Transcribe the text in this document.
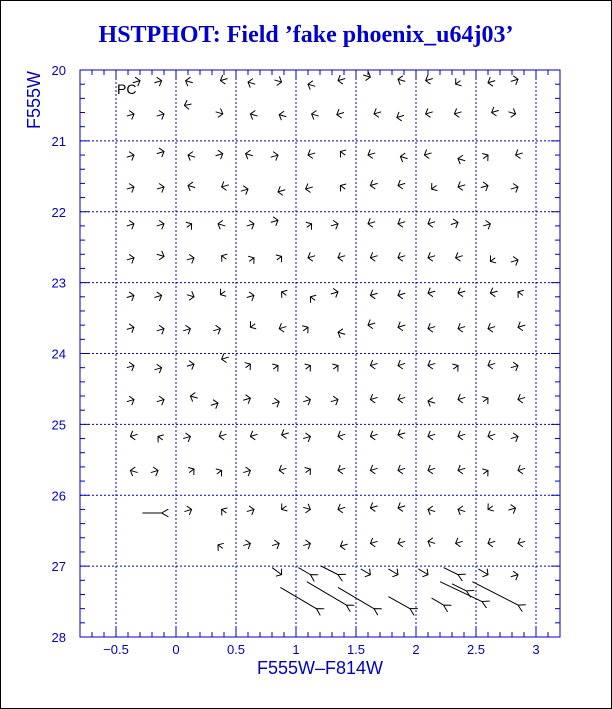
HSTPHOT: Field ’fake phoenix_u64j03’
−0.5	0	0.5	1	1.5	2	2.5	3
20
21
22
23
24
25
26
27
28
PC
F555W–F814W
F555W
